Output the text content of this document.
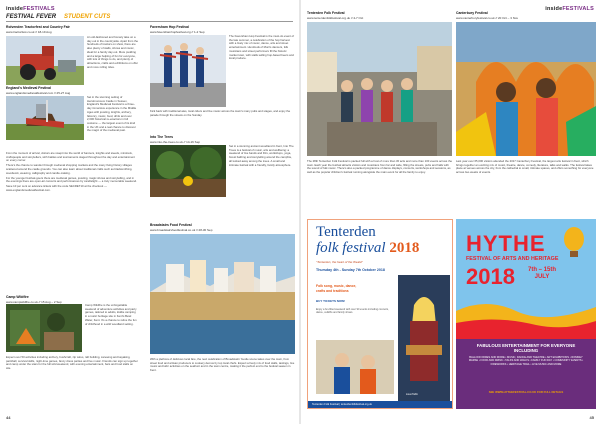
insideFESTIVALS
FESTIVAL FEVER STUDENT CUTS

Rolvenden Tractorfest and Country Fair

www.tractorfest.co.uk // 18-19 Aug

An old-fashioned and homely take on a day out in the countryside. Apart from the hundreds of tractors on show, there are also plenty of stalls, shows and music, ideal for a family day out. More pudding and a large helping of fun for everyone, with lots of things to do, and plenty of attractions, crafts and exhibitions on offer and more rolling rides.

England's Medieval Festival

www.englandsmedievalfestival.com // 25-27 Aug

Set in the stunning setting of Herstmonceux Castle in Sussex, England's Medieval Festival is a three-day immersive experience in the Middle Ages with jousting, knights, archery, falconry, music, food, drink and over 2,000 historical re-enactors in full costume — the largest event of its kind in the UK and a real chance to discover the magic of the medieval past.

From the moment of arrival, visitors are swept into the world of banners, knights and steeds, minstrels, craftspeople and storytellers, with battles and tournaments staged throughout the day and entertainment on every corner.

There's the chance to wander through medieval shopping markets and the many living history villages scattered around the castle grounds. You can also learn about traditional crafts such as blacksmithing, woodwork, weaving, calligraphy and candle-making.

For the younger festival-goers there are medieval games, jousting, magic shows and storytelling, and in the evenings there are open-air concerts and performances by candlelight — a truly memorable weekend.

Save 10 per cent on advance tickets with the code SECRET10 at the checkout — www.englandsmedievalfestival.com.

Camp Wildfire

www.campwildfire.co.uk // 15 Aug – 2 Sep

Camp Wildfire is the unforgettable weekend of adventure activities and party games, tailored to adults, kiddie camping in a rustic heritage site in Kent's Bewl Water, Kent. It's a chance to relive the fun of childhood in a wild woodland setting.

Expect over 50 activities including archery, bushcraft, zip wires, raft building, canoeing and kayaking, paintball, survival skills, night-time games, fancy dress parties and live music. Friends can sign up together and camp under the stars for the full wild weekend, with evening entertainment, bars and food stalls on site.

Faversham Hop Festival

www.favershamhopfestival.org // 1-2 Sep

The Faversham Hop Festival is the must-do event of the late summer, a celebration of the hop harvest with a lively mix of music, dance, arts and street entertainment. Hundreds of Morris dancers, folk musicians and street performers fill the historic market town, with stalls selling hop-based beers and local produce.

Kick back with traditional ales, local ciders and live music across the town's many pubs and stages, and enjoy the parade through the streets on the Sunday.

Into The Trees

www.into-the-trees.co.uk // 14-16 Sep

Set in a stunning ancient woodland in Kent, Into The Trees is a festival of music, arts and wellbeing: a weekend of live bands and DJs, workshops, yoga, forest bathing and storytelling around the campfire, all tucked away among the trees. A small and intimate festival with a friendly, family atmosphere.

Broadstairs Food Festival

www.broadstairsfoodfestival.co.uk // 28-30 Sep

With a plethora of delicious local fare, the next celebration of Broadstairs' foodie scene takes over the town, from street food and artisan producers to cookery demos by top local chefs. Expect a lively mix of food stalls, tastings, live music and kids' activities on the seafront and in the town centre, making it the perfect end to the festival season in Kent.

44
insideFESTIVALS

Tenterden Folk Festival

www.tenterdenfolkfestival.org.uk // 4-7 Oct

The 28th Tenterden Folk Festival is packed full with a host of more than 30 acts and more than 100 events across the town. Each year the festival attracts visitors and musicians from far and wide, filling the streets, pubs and halls with the sound of folk music. There's also a packed programme of dance displays, concerts, workshops and sessions, as well as the popular children's festival running alongside the main event for all the family to enjoy.

Canterbury Festival

www.canterburyfestival.co.uk // 20 Oct – 3 Nov

Last year over 65,000 visitors attended the 2017 Canterbury Festival, the largest arts festival in Kent, which brings together an exciting mix of music, theatre, dance, comedy, literature, talks and walks. The festival takes place at venues across the city, from the cathedral to small, intimate spaces, and offers something for everyone across two weeks of events.

Tenterden
folk festival 2018
"Tenterden, the heart of the Weald"
Thursday 4th - Sunday 7th October 2018
Folk song, music, dance,
crafts and traditions
BUY TICKETS NOW!
Enjoy a fun-filled weekend with over 90 events including concerts, dance, ceilidhs and family shows.
Lisa Pollio
Tenterden Folk Festival | tenterdenfolkfestival.org.uk
HYTHE
FESTIVAL OF ARTS AND HERITAGE
2018 7th – 15th
JULY
FABULOUS ENTERTAINMENT FOR EVERYONE INCLUDING
BALLOON RIDES AND MORE • MUSIC, DANCE AND THEATRE • ART EXHIBITIONS • ROMNEY MARSH • FOOD AND DRINK • TALKS AND WALKS • FAMILY FUN DAY • COMMUNITY EVENTS • FIREWORKS • HERITAGE TRAIL • LIVE MUSIC AND MORE
SEE WWW.HYTHEFESTIVAL.CO.UK FOR FULL DETAILS
45
